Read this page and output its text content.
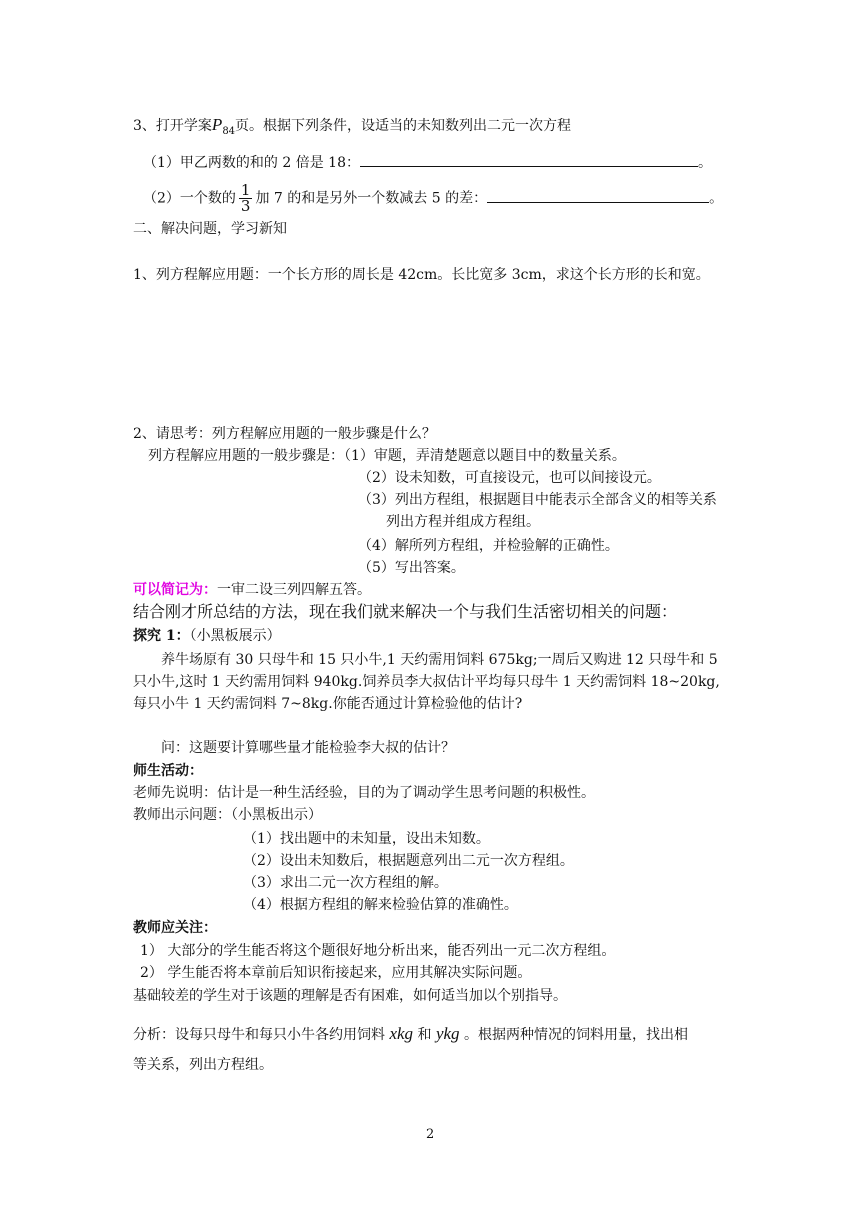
3、打开学案$P_{84}$页。根据下列条件，设适当的未知数列出二元一次方程
（1）甲乙两数的和的 2 倍是 18：	。
（2）一个数的 $\frac{1}{3}$ 加 7 的和是另外一个数减去 5 的差：	。
二、解决问题，学习新知
1、列方程解应用题：一个长方形的周长是 42cm。长比宽多 3cm，求这个长方形的长和宽。
2、请思考：列方程解应用题的一般步骤是什么？
列方程解应用题的一般步骤是：（1）审题，弄清楚题意以题目中的数量关系。
（2）设未知数，可直接设元，也可以间接设元。
（3）列出方程组，根据题目中能表示全部含义的相等关系
列出方程并组成方程组。
（4）解所列方程组，并检验解的正确性。
（5）写出答案。
可以简记为：一审二设三列四解五答。
结合刚才所总结的方法，现在我们就来解决一个与我们生活密切相关的问题：
探究 1：（小黑板展示）
养牛场原有 30 只母牛和 15 只小牛,1 天约需用饲料 675kg;一周后又购进 12 只母牛和 5
只小牛,这时 1 天约需用饲料 940kg.饲养员李大叔估计平均每只母牛 1 天约需饲料 18~20kg,
每只小牛 1 天约需饲料 7~8kg.你能否通过计算检验他的估计?
问：这题要计算哪些量才能检验李大叔的估计？
师生活动：
老师先说明：估计是一种生活经验，目的为了调动学生思考问题的积极性。
教师出示问题：（小黑板出示）
（1）找出题中的未知量，设出未知数。
（2）设出未知数后，根据题意列出二元一次方程组。
（3）求出二元一次方程组的解。
（4）根据方程组的解来检验估算的准确性。
教师应关注：
1） 大部分的学生能否将这个题很好地分析出来，能否列出一元二次方程组。
2） 学生能否将本章前后知识衔接起来，应用其解决实际问题。
基础较差的学生对于该题的理解是否有困难，如何适当加以个别指导。
分析：设每只母牛和每只小牛各约用饲料 xkg 和 ykg 。根据两种情况的饲料用量，找出相
等关系，列出方程组。
2
